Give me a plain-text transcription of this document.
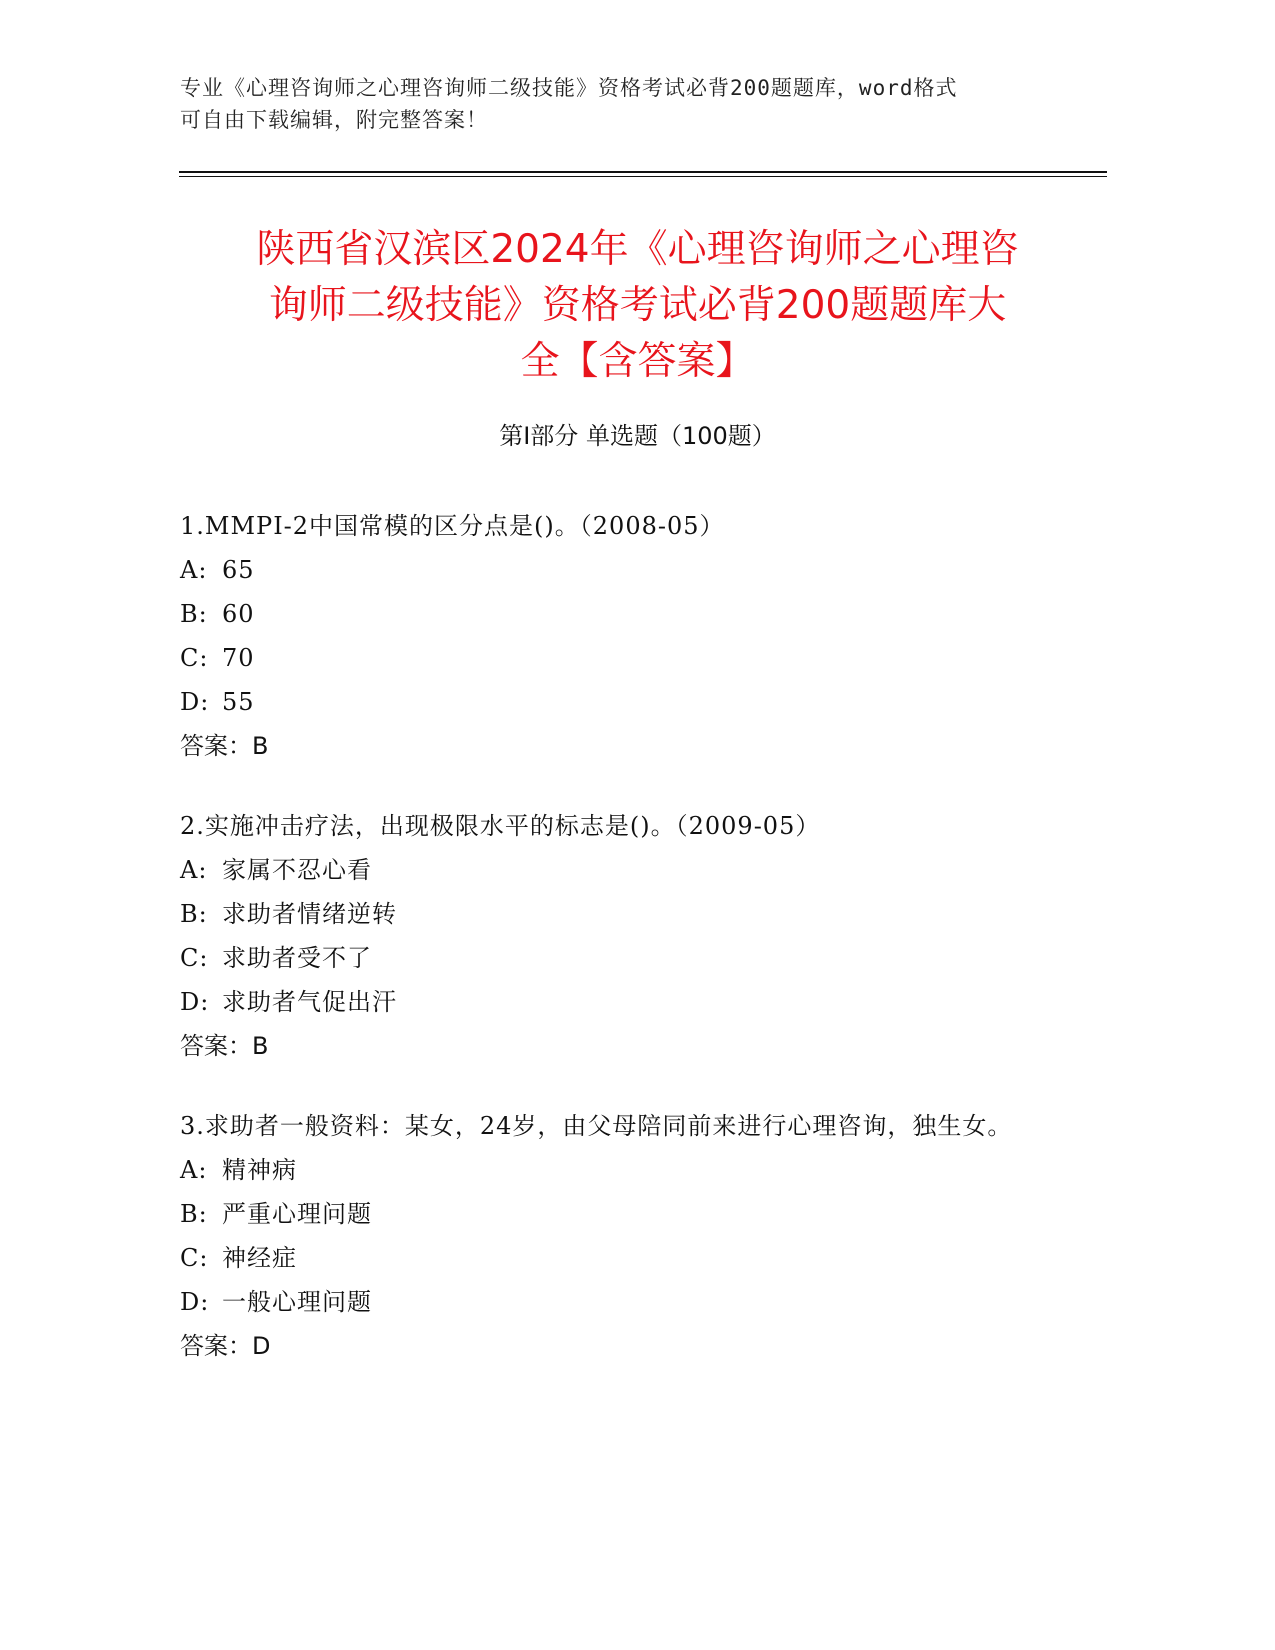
专业《心理咨询师之心理咨询师二级技能》资格考试必背200题题库，word格式
可自由下载编辑，附完整答案！
陕西省汉滨区2024年《心理咨询师之心理咨
询师二级技能》资格考试必背200题题库大
全【含答案】
第Ⅰ部分 单选题（100题）

1.MMPI-2中国常模的区分点是()。（2008-05）

A: 65
B: 60
C: 70
D: 55
答案：B

2.实施冲击疗法，出现极限水平的标志是()。（2009-05）

A: 家属不忍心看
B: 求助者情绪逆转
C: 求助者受不了
D: 求助者气促出汗
答案：B

3.求助者一般资料：某女，24岁，由父母陪同前来进行心理咨询，独生女。

A: 精神病
B: 严重心理问题
C: 神经症
D: 一般心理问题
答案：D
